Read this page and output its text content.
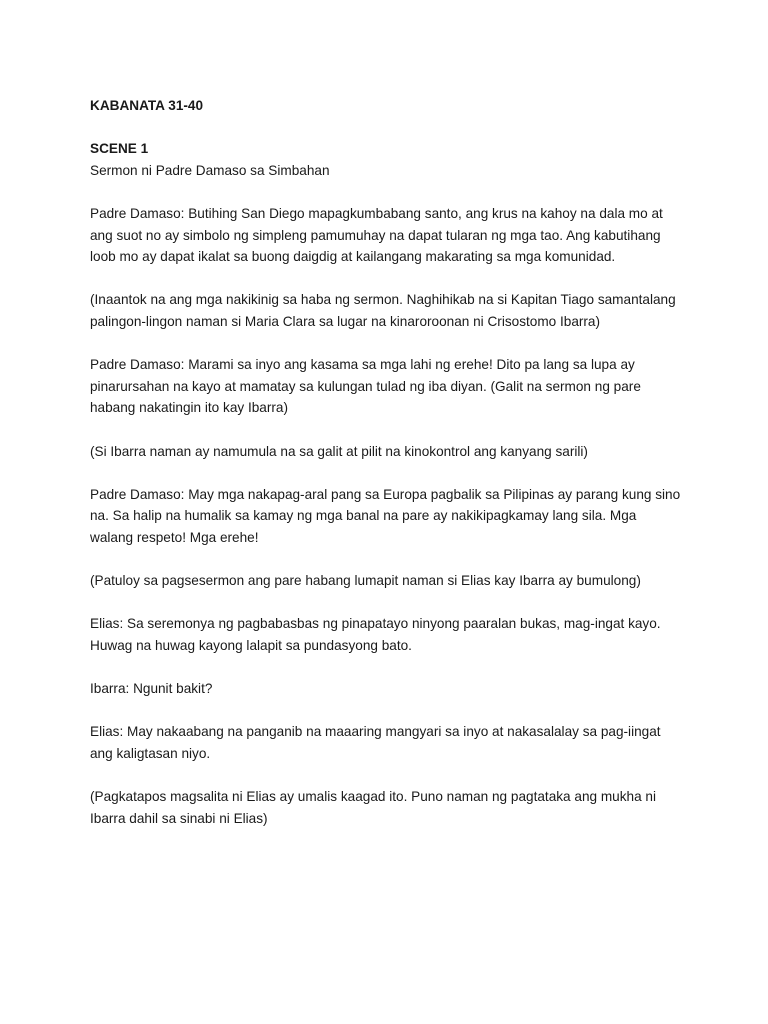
KABANATA 31-40

SCENE 1

Sermon ni Padre Damaso sa Simbahan

Padre Damaso: Butihing San Diego mapagkumbabang santo, ang krus na kahoy na dala mo at
ang suot no ay simbolo ng simpleng pamumuhay na dapat tularan ng mga tao. Ang kabutihang
loob mo ay dapat ikalat sa buong daigdig at kailangang makarating sa mga komunidad.

(Inaantok na ang mga nakikinig sa haba ng sermon. Naghihikab na si Kapitan Tiago samantalang
palingon-lingon naman si Maria Clara sa lugar na kinaroroonan ni Crisostomo Ibarra)

Padre Damaso: Marami sa inyo ang kasama sa mga lahi ng erehe! Dito pa lang sa lupa ay
pinarursahan na kayo at mamatay sa kulungan tulad ng iba diyan. (Galit na sermon ng pare
habang nakatingin ito kay Ibarra)

(Si Ibarra naman ay namumula na sa galit at pilit na kinokontrol ang kanyang sarili)

Padre Damaso: May mga nakapag-aral pang sa Europa pagbalik sa Pilipinas ay parang kung sino
na. Sa halip na humalik sa kamay ng mga banal na pare ay nakikipagkamay lang sila. Mga
walang respeto! Mga erehe!

(Patuloy sa pagsesermon ang pare habang lumapit naman si Elias kay Ibarra ay bumulong)

Elias: Sa seremonya ng pagbabasbas ng pinapatayo ninyong paaralan bukas, mag-ingat kayo.
Huwag na huwag kayong lalapit sa pundasyong bato.

Ibarra: Ngunit bakit?

Elias: May nakaabang na panganib na maaaring mangyari sa inyo at nakasalalay sa pag-iingat
ang kaligtasan niyo.

(Pagkatapos magsalita ni Elias ay umalis kaagad ito. Puno naman ng pagtataka ang mukha ni
Ibarra dahil sa sinabi ni Elias)
